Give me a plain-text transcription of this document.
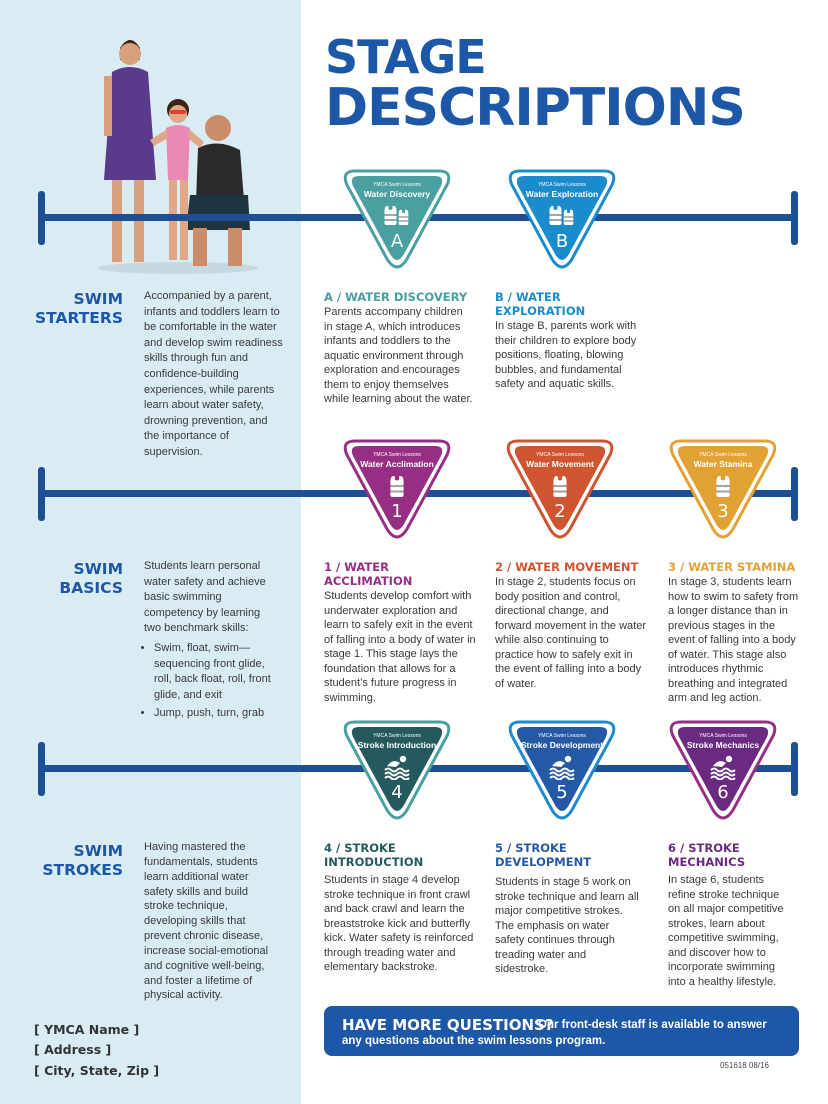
STAGE
DESCRIPTIONS
YMCA Swim Lessons
Water Discovery
A
YMCA Swim Lessons
Water Exploration
B
YMCA Swim Lessons
Water Acclimation
1
YMCA Swim Lessons
Water Movement
2
YMCA Swim Lessons
Water Stamina
3
YMCA Swim Lessons
Stroke Introduction
4
YMCA Swim Lessons
Stroke Development
5
YMCA Swim Lessons
Stroke Mechanics
6
SWIM
STARTERS
Accompanied by a parent, infants and toddlers learn to be comfortable in the water and develop swim readiness skills through fun and confidence-building experiences, while parents learn about water safety, drowning prevention, and the importance of supervision.
A / WATER DISCOVERY

Parents accompany children in stage A, which introduces infants and toddlers to the aquatic environment through exploration and encourages them to enjoy themselves while learning about the water.

B / WATER EXPLORATION

In stage B, parents work with their children to explore body positions, floating, blowing bubbles, and fundamental safety and aquatic skills.

SWIM
BASICS
Students learn personal water safety and achieve basic swimming competency by learning two benchmark skills:
• Swim, float, swim—sequencing front glide, roll, back float, roll, front glide, and exit
• Jump, push, turn, grab
1 / WATER ACCLIMATION

Students develop comfort with underwater exploration and learn to safely exit in the event of falling into a body of water in stage 1. This stage lays the foundation that allows for a student’s future progress in swimming.

2 / WATER MOVEMENT

In stage 2, students focus on body position and control, directional change, and forward movement in the water while also continuing to practice how to safely exit in the event of falling into a body of water.

3 / WATER STAMINA

In stage 3, students learn how to swim to safety from a longer distance than in previous stages in the event of falling into a body of water. This stage also introduces rhythmic breathing and integrated arm and leg action.

SWIM
STROKES
Having mastered the fundamentals, students learn additional water safety skills and build stroke technique, developing skills that prevent chronic disease, increase social-emotional and cognitive well-being, and foster a lifetime of physical activity.
4 / STROKE
INTRODUCTION

Students in stage 4 develop stroke technique in front crawl and back crawl and learn the breaststroke kick and butterfly kick. Water safety is reinforced through treading water and elementary backstroke.

5 / STROKE
DEVELOPMENT

Students in stage 5 work on stroke technique and learn all major competitive strokes. The emphasis on water safety continues through treading water and sidestroke.

6 / STROKE
MECHANICS

In stage 6, students refine stroke technique on all major competitive strokes, learn about competitive swimming, and discover how to incorporate swimming into a healthy lifestyle.

[ YMCA Name ]
[ Address ]
[ City, State, Zip ]
HAVE MORE QUESTIONS?
Our front-desk staff is available to answer any questions about the swim lessons program.
051618 08/16
